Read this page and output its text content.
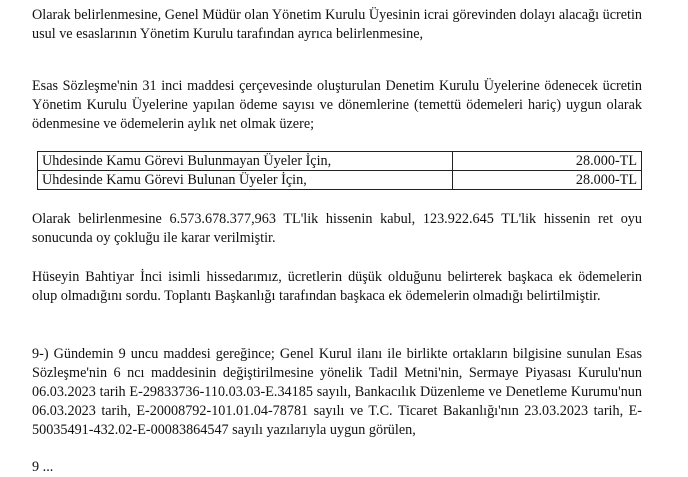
Olarak belirlenmesine, Genel Müdür olan Yönetim Kurulu Üyesinin icrai görevinden dolayı alacağı ücretin usul ve esaslarının Yönetim Kurulu tarafından ayrıca belirlenmesine,

Esas Sözleşme'nin 31 inci maddesi çerçevesinde oluşturulan Denetim Kurulu Üyelerine ödenecek ücretin Yönetim Kurulu Üyelerine yapılan ödeme sayısı ve dönemlerine (temettü ödemeleri hariç) uygun olarak ödenmesine ve ödemelerin aylık net olmak üzere;

Uhdesinde Kamu Görevi Bulunmayan Üyeler İçin,	28.000-TL
Uhdesinde Kamu Görevi Bulunan Üyeler İçin,	28.000-TL

Olarak belirlenmesine 6.573.678.377,963 TL'lik hissenin kabul, 123.922.645 TL'lik hissenin ret oyu sonucunda oy çokluğu ile karar verilmiştir.

Hüseyin Bahtiyar İnci isimli hissedarımız, ücretlerin düşük olduğunu belirterek başkaca ek ödemelerin olup olmadığını sordu. Toplantı Başkanlığı tarafından başkaca ek ödemelerin olmadığı belirtilmiştir.

9-) Gündemin 9 uncu maddesi gereğince; Genel Kurul ilanı ile birlikte ortakların bilgisine sunulan Esas Sözleşme'nin 6 ncı maddesinin değiştirilmesine yönelik Tadil Metni'nin, Sermaye Piyasası Kurulu'nun 06.03.2023 tarih E-29833736-110.03.03-E.34185 sayılı, Bankacılık Düzenleme ve Denetleme Kurumu'nun 06.03.2023 tarih, E-20008792-101.01.04-78781 sayılı ve T.C. Ticaret Bakanlığı'nın 23.03.2023 tarih, E-50035491-432.02-E-00083864547 sayılı yazılarıyla uygun görülen,

9 ...
